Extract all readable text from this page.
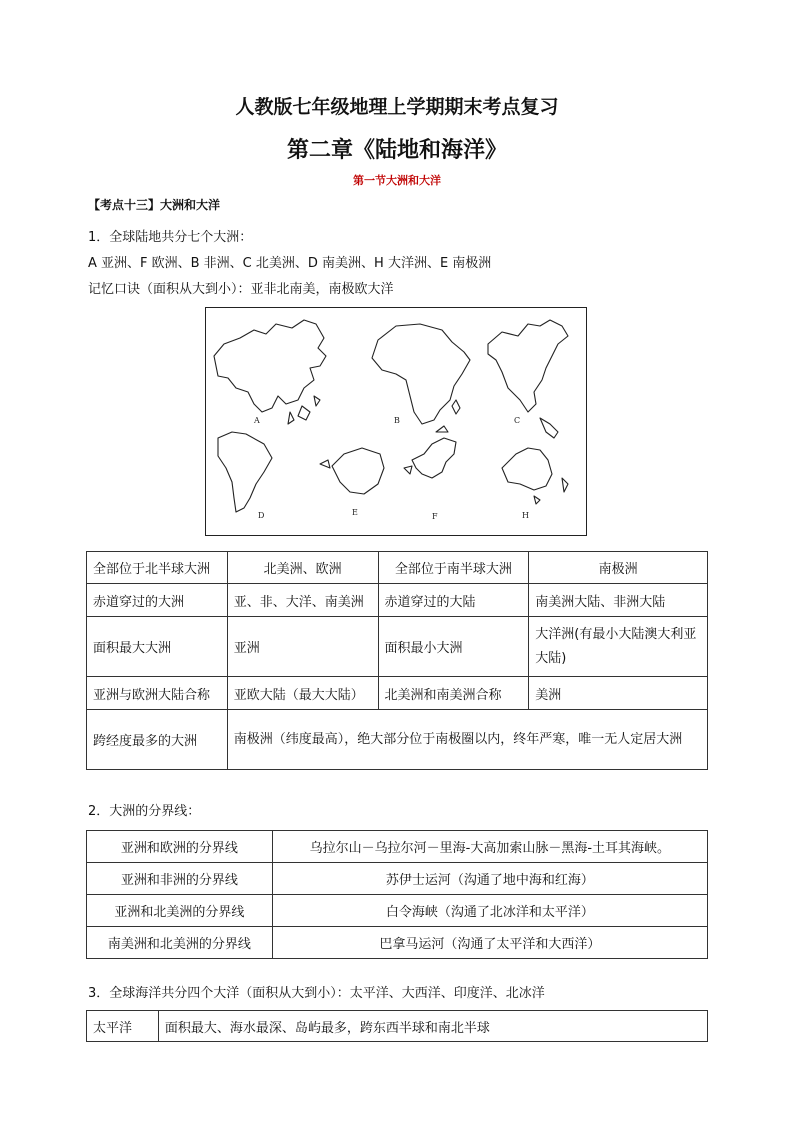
人教版七年级地理上学期期末考点复习
第二章《陆地和海洋》
第一节大洲和大洋
【考点十三】大洲和大洋
1．全球陆地共分七个大洲：
A 亚洲、F 欧洲、B 非洲、C 北美洲、D 南美洲、H 大洋洲、E 南极洲
记忆口诀（面积从大到小）：亚非北南美，南极欧大洋
A	B	C
D	E	F	H
全部位于北半球大洲	北美洲、欧洲	全部位于南半球大洲	南极洲
赤道穿过的大洲	亚、非、大洋、南美洲	赤道穿过的大陆	南美洲大陆、非洲大陆
面积最大大洲	亚洲	面积最小大洲	大洋洲(有最小大陆澳大利亚大陆)
亚洲与欧洲大陆合称	亚欧大陆（最大大陆）	北美洲和南美洲合称	美洲
跨经度最多的大洲	南极洲（纬度最高），绝大部分位于南极圈以内，终年严寒，唯一无人定居大洲		
2．大洲的分界线：
亚洲和欧洲的分界线	乌拉尔山－乌拉尔河－里海-大高加索山脉－黑海-土耳其海峡。
亚洲和非洲的分界线	苏伊士运河（沟通了地中海和红海）
亚洲和北美洲的分界线	白令海峡（沟通了北冰洋和太平洋）
南美洲和北美洲的分界线	巴拿马运河（沟通了太平洋和大西洋）
3．全球海洋共分四个大洋（面积从大到小）：太平洋、大西洋、印度洋、北冰洋
太平洋	面积最大、海水最深、岛屿最多，跨东西半球和南北半球
